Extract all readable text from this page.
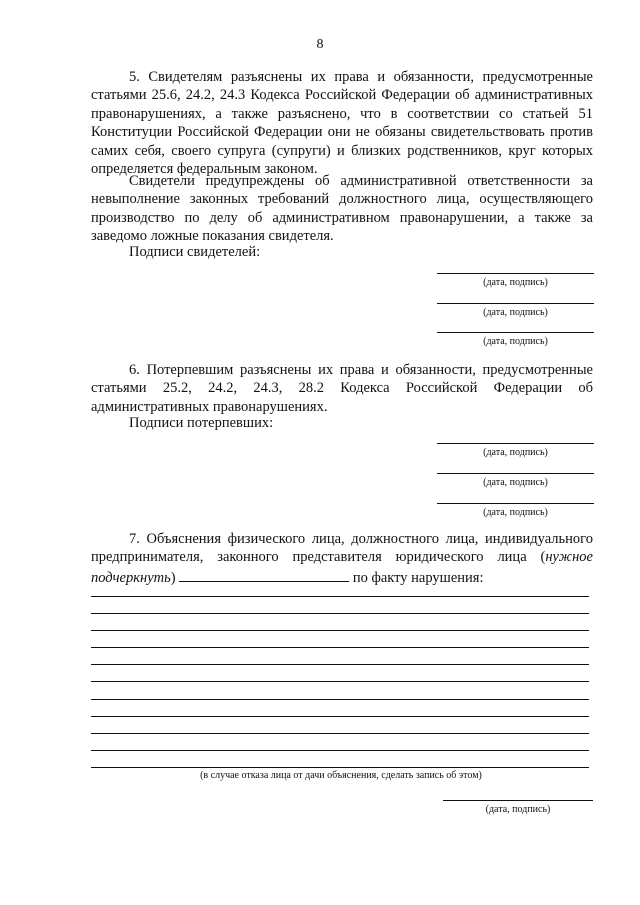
8

5. Свидетелям разъяснены их права и обязанности, предусмотренные статьями 25.6, 24.2, 24.3 Кодекса Российской Федерации об административных правонарушениях, а также разъяснено, что в соответствии со статьей 51 Конституции Российской Федерации они не обязаны свидетельствовать против самих себя, своего супруга (супруги) и близких родственников, круг которых определяется федеральным законом.

Свидетели предупреждены об административной ответственности за невыполнение законных требований должностного лица, осуществляющего производство по делу об административном правонарушении, а также за заведомо ложные показания свидетеля.

Подписи свидетелей:

(дата, подпись)
(дата, подпись)
(дата, подпись)

6. Потерпевшим разъяснены их права и обязанности, предусмотренные статьями 25.2, 24.2, 24.3, 28.2 Кодекса Российской Федерации об административных правонарушениях.

Подписи потерпевших:

(дата, подпись)
(дата, подпись)
(дата, подпись)

7. Объяснения физического лица, должностного лица, индивидуального предпринимателя, законного представителя юридического лица (нужное подчеркнуть)	по факту нарушения:

(в случае отказа лица от дачи объяснения, сделать запись об этом)
(дата, подпись)
